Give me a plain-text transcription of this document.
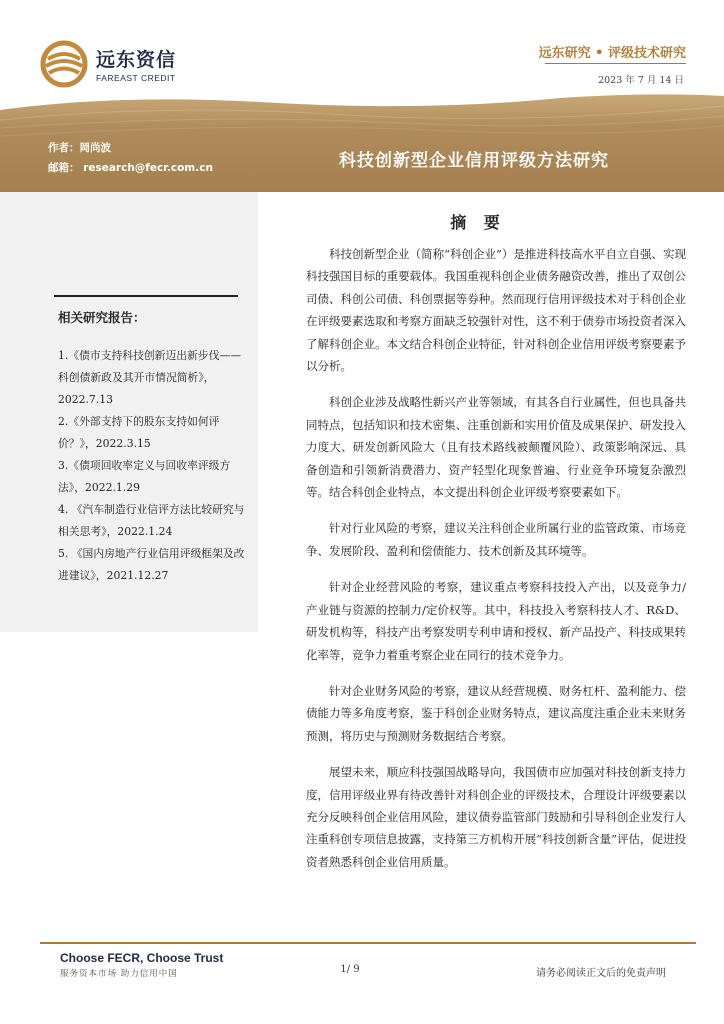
远东资信
FAREAST CREDIT
远东研究 • 评级技术研究
2023 年 7 月 14 日
作者：岡尚波
邮箱： research@fecr.com.cn	科技创新型企业信用评级方法研究
相关研究报告：
1.《债市支持科技创新迈出新步伐——科创债新政及其开市情况简析》，2022.7.13
2.《外部支持下的股东支持如何评价？》，2022.3.15
3.《债项回收率定义与回收率评级方法》，2022.1.29
4. 《汽车制造行业信评方法比较研究与相关思考》，2022.1.24
5. 《国内房地产行业信用评级框架及改进建议》，2021.12.27
摘 要

科技创新型企业（简称“科创企业”）是推进科技高水平自立自强、实现科技强国目标的重要载体。我国重视科创企业债务融资改善，推出了双创公司债、科创公司债、科创票据等券种。然而现行信用评级技术对于科创企业在评级要素选取和考察方面缺乏较强针对性，这不利于债券市场投资者深入了解科创企业。本文结合科创企业特征，针对科创企业信用评级考察要素予以分析。

科创企业涉及战略性新兴产业等领域，有其各自行业属性，但也具备共同特点，包括知识和技术密集、注重创新和实用价值及成果保护、研发投入力度大、研发创新风险大（且有技术路线被颠覆风险）、政策影响深远、具备创造和引领新消费潜力、资产轻型化现象普遍、行业竞争环境复杂激烈等。结合科创企业特点，本文提出科创企业评级考察要素如下。

针对行业风险的考察，建议关注科创企业所属行业的监管政策、市场竞争、发展阶段、盈利和偿债能力、技术创新及其环境等。

针对企业经营风险的考察，建议重点考察科技投入产出，以及竞争力/产业链与资源的控制力/定价权等。其中，科技投入考察科技人才、R&D、研发机构等，科技产出考察发明专利申请和授权、新产品投产、科技成果转化率等，竞争力着重考察企业在同行的技术竞争力。

针对企业财务风险的考察，建议从经营规模、财务杠杆、盈利能力、偿债能力等多角度考察，鉴于科创企业财务特点，建议高度注重企业未来财务预测，将历史与预测财务数据结合考察。

展望未来，顺应科技强国战略导向，我国债市应加强对科技创新支持力度，信用评级业界有待改善针对科创企业的评级技术，合理设计评级要素以充分反映科创企业信用风险，建议债券监管部门鼓励和引导科创企业发行人注重科创专项信息披露，支持第三方机构开展“科技创新含量”评估，促进投资者熟悉科创企业信用质量。

Choose FECR, Choose Trust
服务资本市场 助力信用中国	1/ 9	请务必阅读正文后的免责声明
